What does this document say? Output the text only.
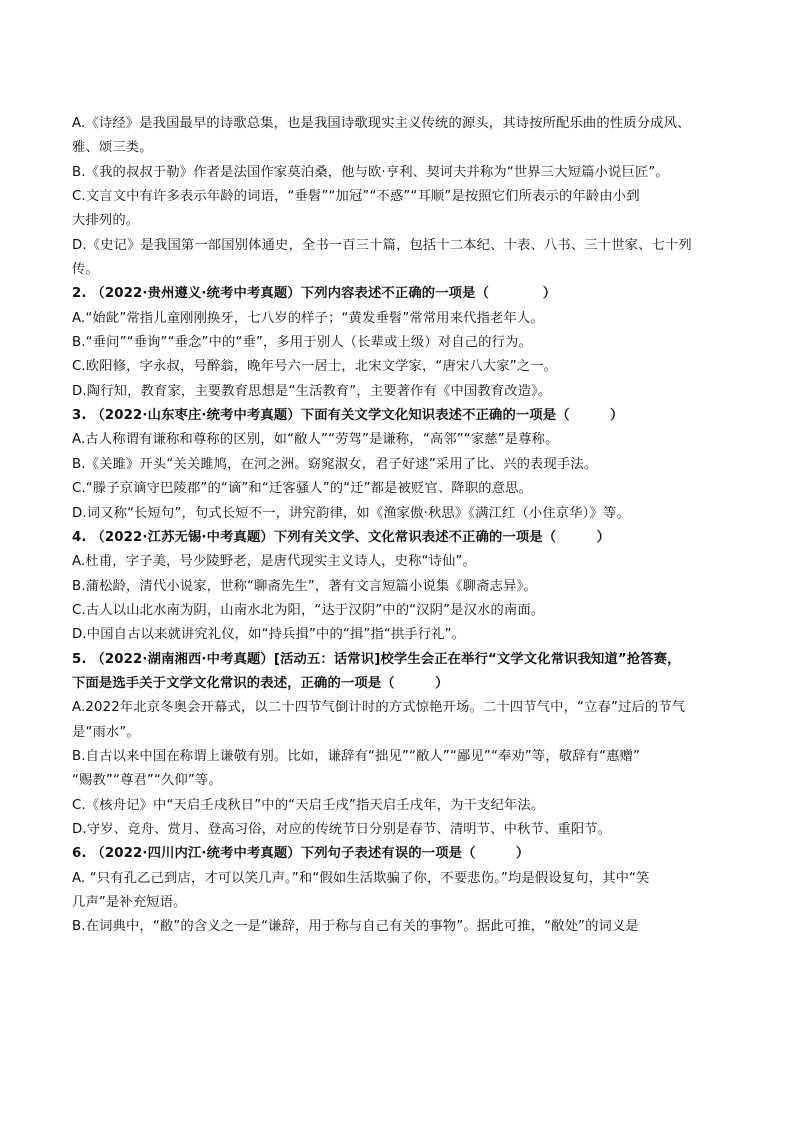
A.《诗经》是我国最早的诗歌总集，也是我国诗歌现实主义传统的源头，其诗按所配乐曲的性质分成风、
雅、颂三类。
B.《我的叔叔于勒》作者是法国作家莫泊桑，他与欧·亨利、契诃夫并称为“世界三大短篇小说巨匠”。
C.文言文中有许多表示年龄的词语，“垂髫”“加冠”“不惑”“耳顺”是按照它们所表示的年龄由小到
大排列的。
D.《史记》是我国第一部国别体通史，全书一百三十篇，包括十二本纪、十表、八书、三十世家、七十列
传。
2. （2022·贵州遵义·统考中考真题）下列内容表述不正确的一项是（　　　　）
A.“始龀”常指儿童刚刚换牙，七八岁的样子；“黄发垂髫”常常用来代指老年人。
B.“垂问”“垂询”“垂念”中的“垂”，多用于别人（长辈或上级）对自己的行为。
C.欧阳修，字永叔，号醉翁，晚年号六一居士，北宋文学家，“唐宋八大家”之一。
D.陶行知，教育家，主要教育思想是“生活教育”，主要著作有《中国教育改造》。
3. （2022·山东枣庄·统考中考真题）下面有关文学文化知识表述不正确的一项是（　　　）
A.古人称谓有谦称和尊称的区别，如“敝人”“劳驾”是谦称，“高邻”“家慈”是尊称。
B.《关雎》开头“关关雎鸠，在河之洲。窈窕淑女，君子好逑”采用了比、兴的表现手法。
C.“滕子京谪守巴陵郡”的“谪”和“迁客骚人”的“迁”都是被贬官、降职的意思。
D.词又称“长短句”，句式长短不一，讲究韵律，如《渔家傲·秋思》《满江红（小住京华）》等。
4. （2022·江苏无锡·中考真题）下列有关文学、文化常识表述不正确的一项是（　　　）
A.杜甫，字子美，号少陵野老，是唐代现实主义诗人，史称“诗仙”。
B.蒲松龄，清代小说家，世称“聊斋先生”，著有文言短篇小说集《聊斋志异》。
C.古人以山北水南为阴，山南水北为阳，“达于汉阴”中的“汉阴”是汉水的南面。
D.中国自古以来就讲究礼仪，如“持兵揖”中的“揖”指“拱手行礼”。
5. （2022·湖南湘西·中考真题）[活动五：话常识]校学生会正在举行“文学文化常识我知道”抢答赛，
下面是选手关于文学文化常识的表述，正确的一项是（　　　）
A.2022年北京冬奥会开幕式，以二十四节气倒计时的方式惊艳开场。二十四节气中，“立春”过后的节气
是“雨水”。
B.自古以来中国在称谓上谦敬有别。比如，谦辞有“拙见”“敝人”“鄙见”“奉劝”等，敬辞有“惠赠”
“赐教”“尊君”“久仰”等。
C.《核舟记》中“天启壬戌秋日”中的“天启壬戌”指天启壬戌年，为干支纪年法。
D.守岁、竞舟、赏月、登高习俗，对应的传统节日分别是春节、清明节、中秋节、重阳节。
6. （2022·四川内江·统考中考真题）下列句子表述有误的一项是（　　　）
A. “只有孔乙己到店，才可以笑几声。”和“假如生活欺骗了你，不要悲伤。”均是假设复句，其中“笑
几声”是补充短语。
B.在词典中，“敝”的含义之一是“谦辞，用于称与自己有关的事物”。据此可推，“敝处”的词义是
